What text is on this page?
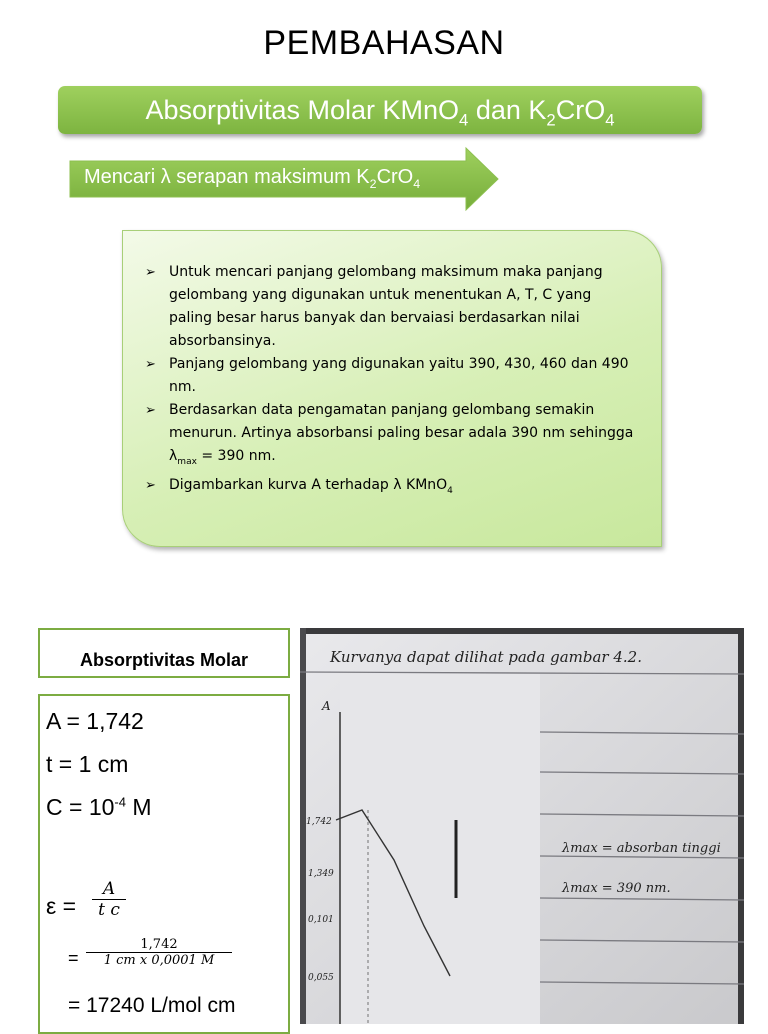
PEMBAHASAN
Absorptivitas Molar KMnO$_4$ dan $K_2CrO_4$
Mencari λ serapan maksimum $K_2CrO_4$
➢ Untuk mencari panjang gelombang maksimum maka panjang gelombang yang digunakan untuk menentukan A, T, C yang paling besar harus banyak dan bervaiasi berdasarkan nilai absorbansinya.
➢ Panjang gelombang yang digunakan yaitu 390, 430, 460 dan 490 nm.
➢ Berdasarkan data pengamatan panjang gelombang semakin menurun. Artinya absorbansi paling besar adala 390 nm sehingga $\lambda_{max} = 390$ nm.
➢ Digambarkan kurva A terhadap λ KMnO$_4$
Absorptivitas Molar
A = 1,742
t = 1 cm
$C = 10^{-4}$ M
$\varepsilon = \frac{A}{\text{t c}}$
= $\frac{1,742}{\text{1 cm x 0,0001 M}}$
= 17240 L/mol cm
Kurvanya dapat dilihat pada gambar 4.2.
A
1,742
1,349
0,101
0,055
λmax = absorban tinggi
λmax = 390 nm.
